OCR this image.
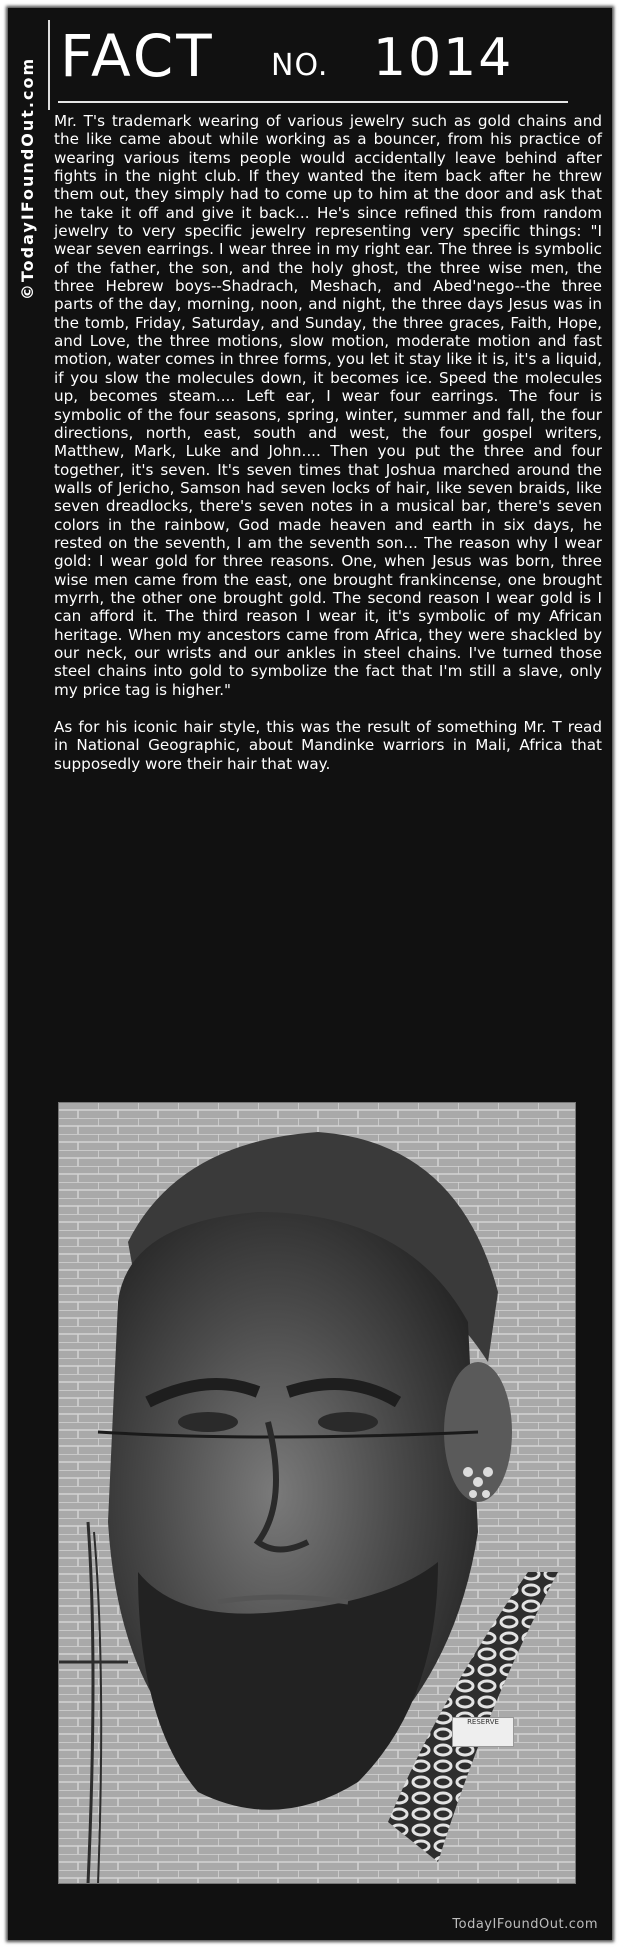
©TodayIFoundOut.com
FACT NO. 1014

Mr. T's trademark wearing of various jewelry such as gold chains and the like came about while working as a bouncer, from his practice of wearing various items people would accidentally leave behind after fights in the night club. If they wanted the item back after he threw them out, they simply had to come up to him at the door and ask that he take it off and give it back... He's since refined this from random jewelry to very specific jewelry representing very specific things: "I wear seven earrings. I wear three in my right ear. The three is symbolic of the father, the son, and the holy ghost, the three wise men, the three Hebrew boys--Shadrach, Meshach, and Abed'nego--the three parts of the day, morning, noon, and night, the three days Jesus was in the tomb, Friday, Saturday, and Sunday, the three graces, Faith, Hope, and Love, the three motions, slow motion, moderate motion and fast motion, water comes in three forms, you let it stay like it is, it's a liquid, if you slow the molecules down, it becomes ice. Speed the molecules up, becomes steam.... Left ear, I wear four earrings. The four is symbolic of the four seasons, spring, winter, summer and fall, the four directions, north, east, south and west, the four gospel writers, Matthew, Mark, Luke and John.... Then you put the three and four together, it's seven. It's seven times that Joshua marched around the walls of Jericho, Samson had seven locks of hair, like seven braids, like seven dreadlocks, there's seven notes in a musical bar, there's seven colors in the rainbow, God made heaven and earth in six days, he rested on the seventh, I am the seventh son... The reason why I wear gold: I wear gold for three reasons. One, when Jesus was born, three wise men came from the east, one brought frankincense, one brought myrrh, the other one brought gold. The second reason I wear gold is I can afford it. The third reason I wear it, it's symbolic of my African heritage. When my ancestors came from Africa, they were shackled by our neck, our wrists and our ankles in steel chains. I've turned those steel chains into gold to symbolize the fact that I'm still a slave, only my price tag is higher."

As for his iconic hair style, this was the result of something Mr. T read in National Geographic, about Mandinke warriors in Mali, Africa that supposedly wore their hair that way.

RESERVE
TodayIFoundOut.com
